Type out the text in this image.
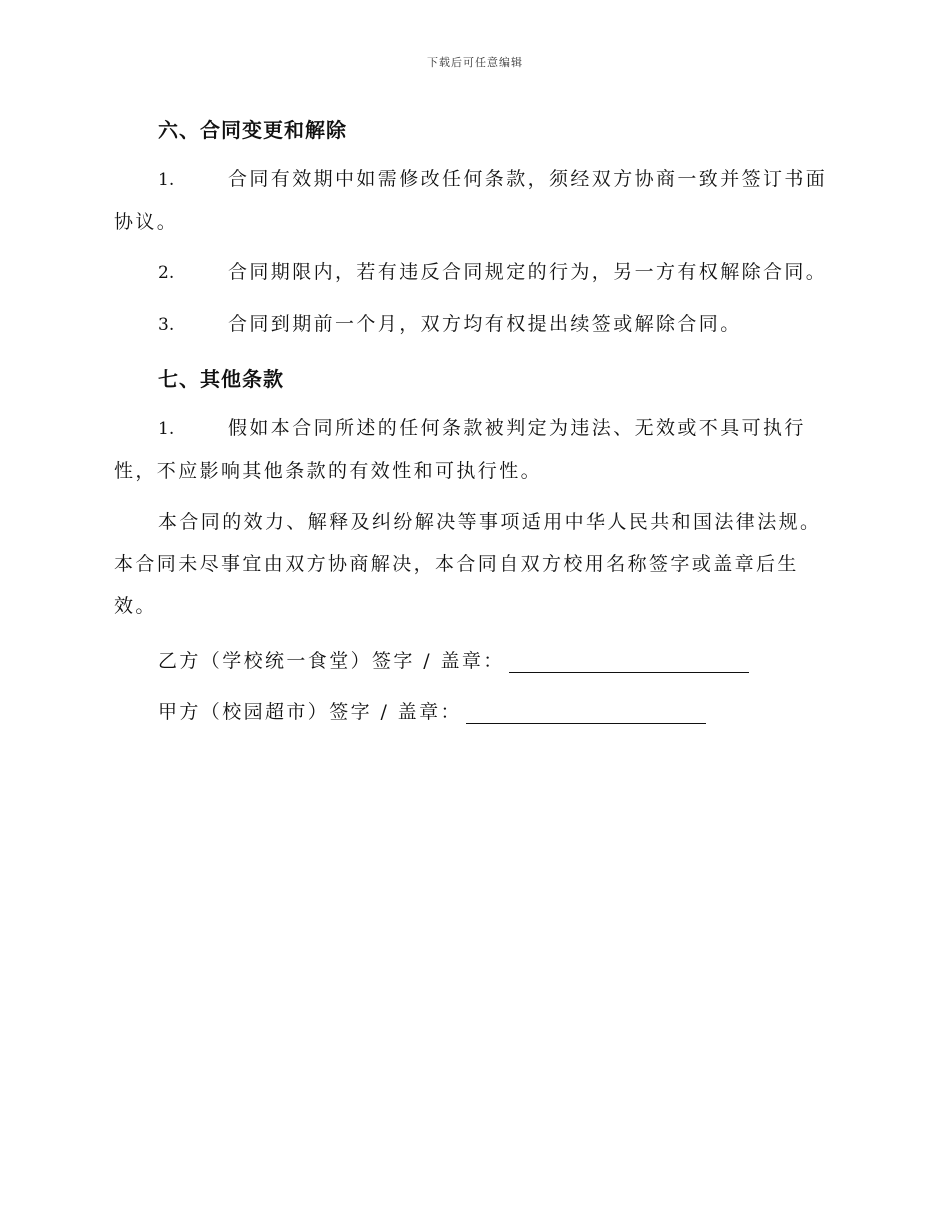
下载后可任意编辑
六、合同变更和解除

1.	合同有效期中如需修改任何条款，须经双方协商一致并签订书面协议。

2.	合同期限内，若有违反合同规定的行为，另一方有权解除合同。

3.	合同到期前一个月，双方均有权提出续签或解除合同。

七、其他条款

1.	假如本合同所述的任何条款被判定为违法、无效或不具可执行性，不应影响其他条款的有效性和可执行性。

本合同的效力、解释及纠纷解决等事项适用中华人民共和国法律法规。本合同未尽事宜由双方协商解决，本合同自双方校用名称签字或盖章后生效。

乙方（学校统一食堂）签字 / 盖章：
甲方（校园超市）签字 / 盖章：
